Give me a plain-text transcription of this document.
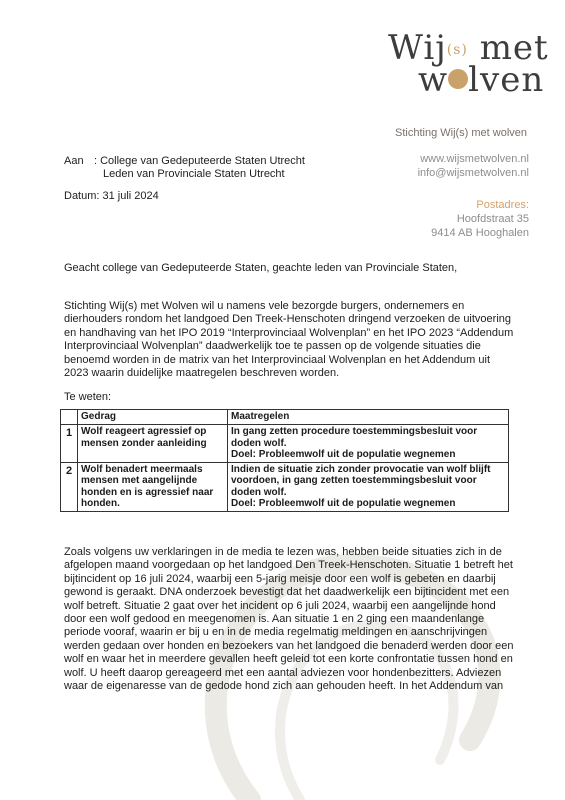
Wij(s) met
w lven
Stichting Wij(s) met wolven
www.wijsmetwolven.nl
info@wijsmetwolven.nl
Postadres:
Hoofdstraat 35
9414 AB Hooghalen
Aan : College van Gedeputeerde Staten Utrecht
Leden van Provinciale Staten Utrecht
Datum: 31 juli 2024
Geacht college van Gedeputeerde Staten, geachte leden van Provinciale Staten,
Stichting Wij(s) met Wolven wil u namens vele bezorgde burgers, ondernemers en
dierhouders rondom het landgoed Den Treek-Henschoten dringend verzoeken de uitvoering
en handhaving van het IPO 2019 “Interprovinciaal Wolvenplan” en het IPO 2023 “Addendum
Interprovinciaal Wolvenplan” daadwerkelijk toe te passen op de volgende situaties die
benoemd worden in de matrix van het Interprovinciaal Wolvenplan en het Addendum uit
2023 waarin duidelijke maatregelen beschreven worden.
Te weten:
	Gedrag	Maatregelen
1	Wolf reageert agressief op mensen zonder aanleiding	In gang zetten procedure toestemmingsbesluit voor doden wolf.
Doel: Probleemwolf uit de populatie wegnemen

2	Wolf benadert meermaals mensen met aangelijnde honden en is agressief naar honden.	Indien de situatie zich zonder provocatie van wolf blijft voordoen, in gang zetten toestemmingsbesluit voor doden wolf.
Doel: Probleemwolf uit de populatie wegnemen
Zoals volgens uw verklaringen in de media te lezen was, hebben beide situaties zich in de
afgelopen maand voorgedaan op het landgoed Den Treek-Henschoten. Situatie 1 betreft het
bijtincident op 16 juli 2024, waarbij een 5-jarig meisje door een wolf is gebeten en daarbij
gewond is geraakt. DNA onderzoek bevestigt dat het daadwerkelijk een bijtincident met een
wolf betreft. Situatie 2 gaat over het incident op 6 juli 2024, waarbij een aangelijnde hond
door een wolf gedood en meegenomen is. Aan situatie 1 en 2 ging een maandenlange
periode vooraf, waarin er bij u en in de media regelmatig meldingen en aanschrijvingen
werden gedaan over honden en bezoekers van het landgoed die benaderd werden door een
wolf en waar het in meerdere gevallen heeft geleid tot een korte confrontatie tussen hond en
wolf. U heeft daarop gereageerd met een aantal adviezen voor hondenbezitters. Adviezen
waar de eigenaresse van de gedode hond zich aan gehouden heeft. In het Addendum van
